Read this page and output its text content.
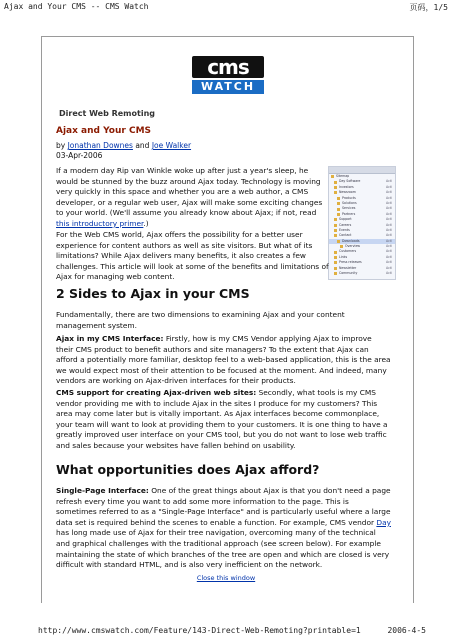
Ajax and Your CMS -- CMS Watch	页码，1/5
cms
WATCH
Direct Web Remoting
Ajax and Your CMS
by Jonathan Downes and Joe Walker
03-Apr-2006
If a modern day Rip van Winkle woke up after just a year's sleep, he would be stunned by the buzz around Ajax today. Technology is moving very quickly in this space and whether you are a web author, a CMS developer, or a regular web user, Ajax will make some exciting changes to your world. (We'll assume you already know about Ajax; if not, read this introductory primer.)
Sitemap
Day Software	Acti
Investors	Acti
Newsroom	Acti
Products	Acti
Solutions	Acti
Services	Acti
Partners	Acti
Support	Acti
Careers	Acti
Events	Acti
Contact	Acti
Downloads	Acti
Overview	Acti
Customers	Acti
Links	Acti
Press releases	Acti
Newsletter	Acti
Community	Acti
For the Web CMS world, Ajax offers the possibility for a better user experience for content authors as well as site visitors. But what of its limitations? While Ajax delivers many benefits, it also creates a few challenges. This article will look at some of the benefits and limitations of Ajax for managing web content.
2 Sides to Ajax in your CMS
Fundamentally, there are two dimensions to examining Ajax and your content management system.
Ajax in my CMS Interface: Firstly, how is my CMS Vendor applying Ajax to improve their CMS product to benefit authors and site managers? To the extent that Ajax can afford a potentially more familiar, desktop feel to a web-based application, this is the area we would expect most of their attention to be focused at the moment. And indeed, many vendors are working on Ajax-driven interfaces for their products.
CMS support for creating Ajax-driven web sites: Secondly, what tools is my CMS vendor providing me with to include Ajax in the sites I produce for my customers? This area may come later but is vitally important. As Ajax interfaces become commonplace, your team will want to look at providing them to your customers. It is one thing to have a greatly improved user interface on your CMS tool, but you do not want to lose web traffic and sales because your websites have fallen behind on usability.
What opportunities does Ajax afford?
Single-Page Interface: One of the great things about Ajax is that you don't need a page refresh every time you want to add some more information to the page. This is sometimes referred to as a "Single-Page Interface" and is particularly useful where a large data set is required behind the scenes to enable a function. For example, CMS vendor Day has long made use of Ajax for their tree navigation, overcoming many of the technical and graphical challenges with the traditional approach (see screen below). For example maintaining the state of which branches of the tree are open and which are closed is very difficult with standard HTML, and is also very inefficient on the network.
Close this window
http://www.cmswatch.com/Feature/143-Direct-Web-Remoting?printable=1	2006-4-5
